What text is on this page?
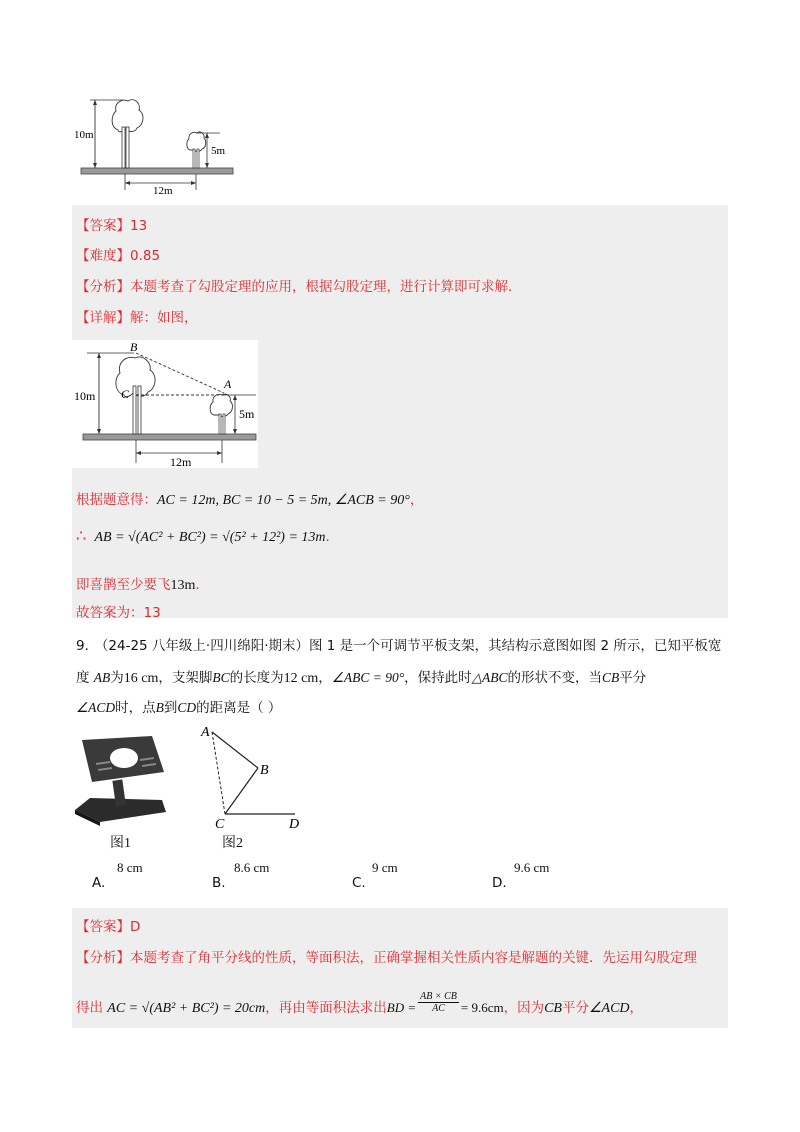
10m
5m
12m
【答案】13
【难度】0.85
【分析】本题考查了勾股定理的应用，根据勾股定理，进行计算即可求解.
【详解】解：如图，
10m
5m
12m
B
A
C
根据题意得：AC = 12m, BC = 10 − 5 = 5m, ∠ACB = 90°，
∴ AB = √(AC² + BC²) = √(5² + 12²) = 13m.
即喜鹊至少要飞13m.
故答案为：13
9. （24-25 八年级上·四川绵阳·期末）图 1 是一个可调节平板支架，其结构示意图如图 2 所示，已知平板宽
度 AB为16 cm，支架脚BC的长度为12 cm，∠ABC = 90°，保持此时△ABC的形状不变，当CB平分
∠ACD时，点B到CD的距离是（ ）
图1
A
B
C	D
图2
8 cm
A.
8.6 cm
B.
9 cm
C.
9.6 cm
D.
【答案】D
【分析】本题考查了角平分线的性质，等面积法，正确掌握相关性质内容是解题的关键．先运用勾股定理
得出 AC = √(AB² + BC²) = 20cm，再由等面积法求出BD = $\frac{AB \times CB}{AC} = 9.6cm$，因为CB平分∠ACD，
